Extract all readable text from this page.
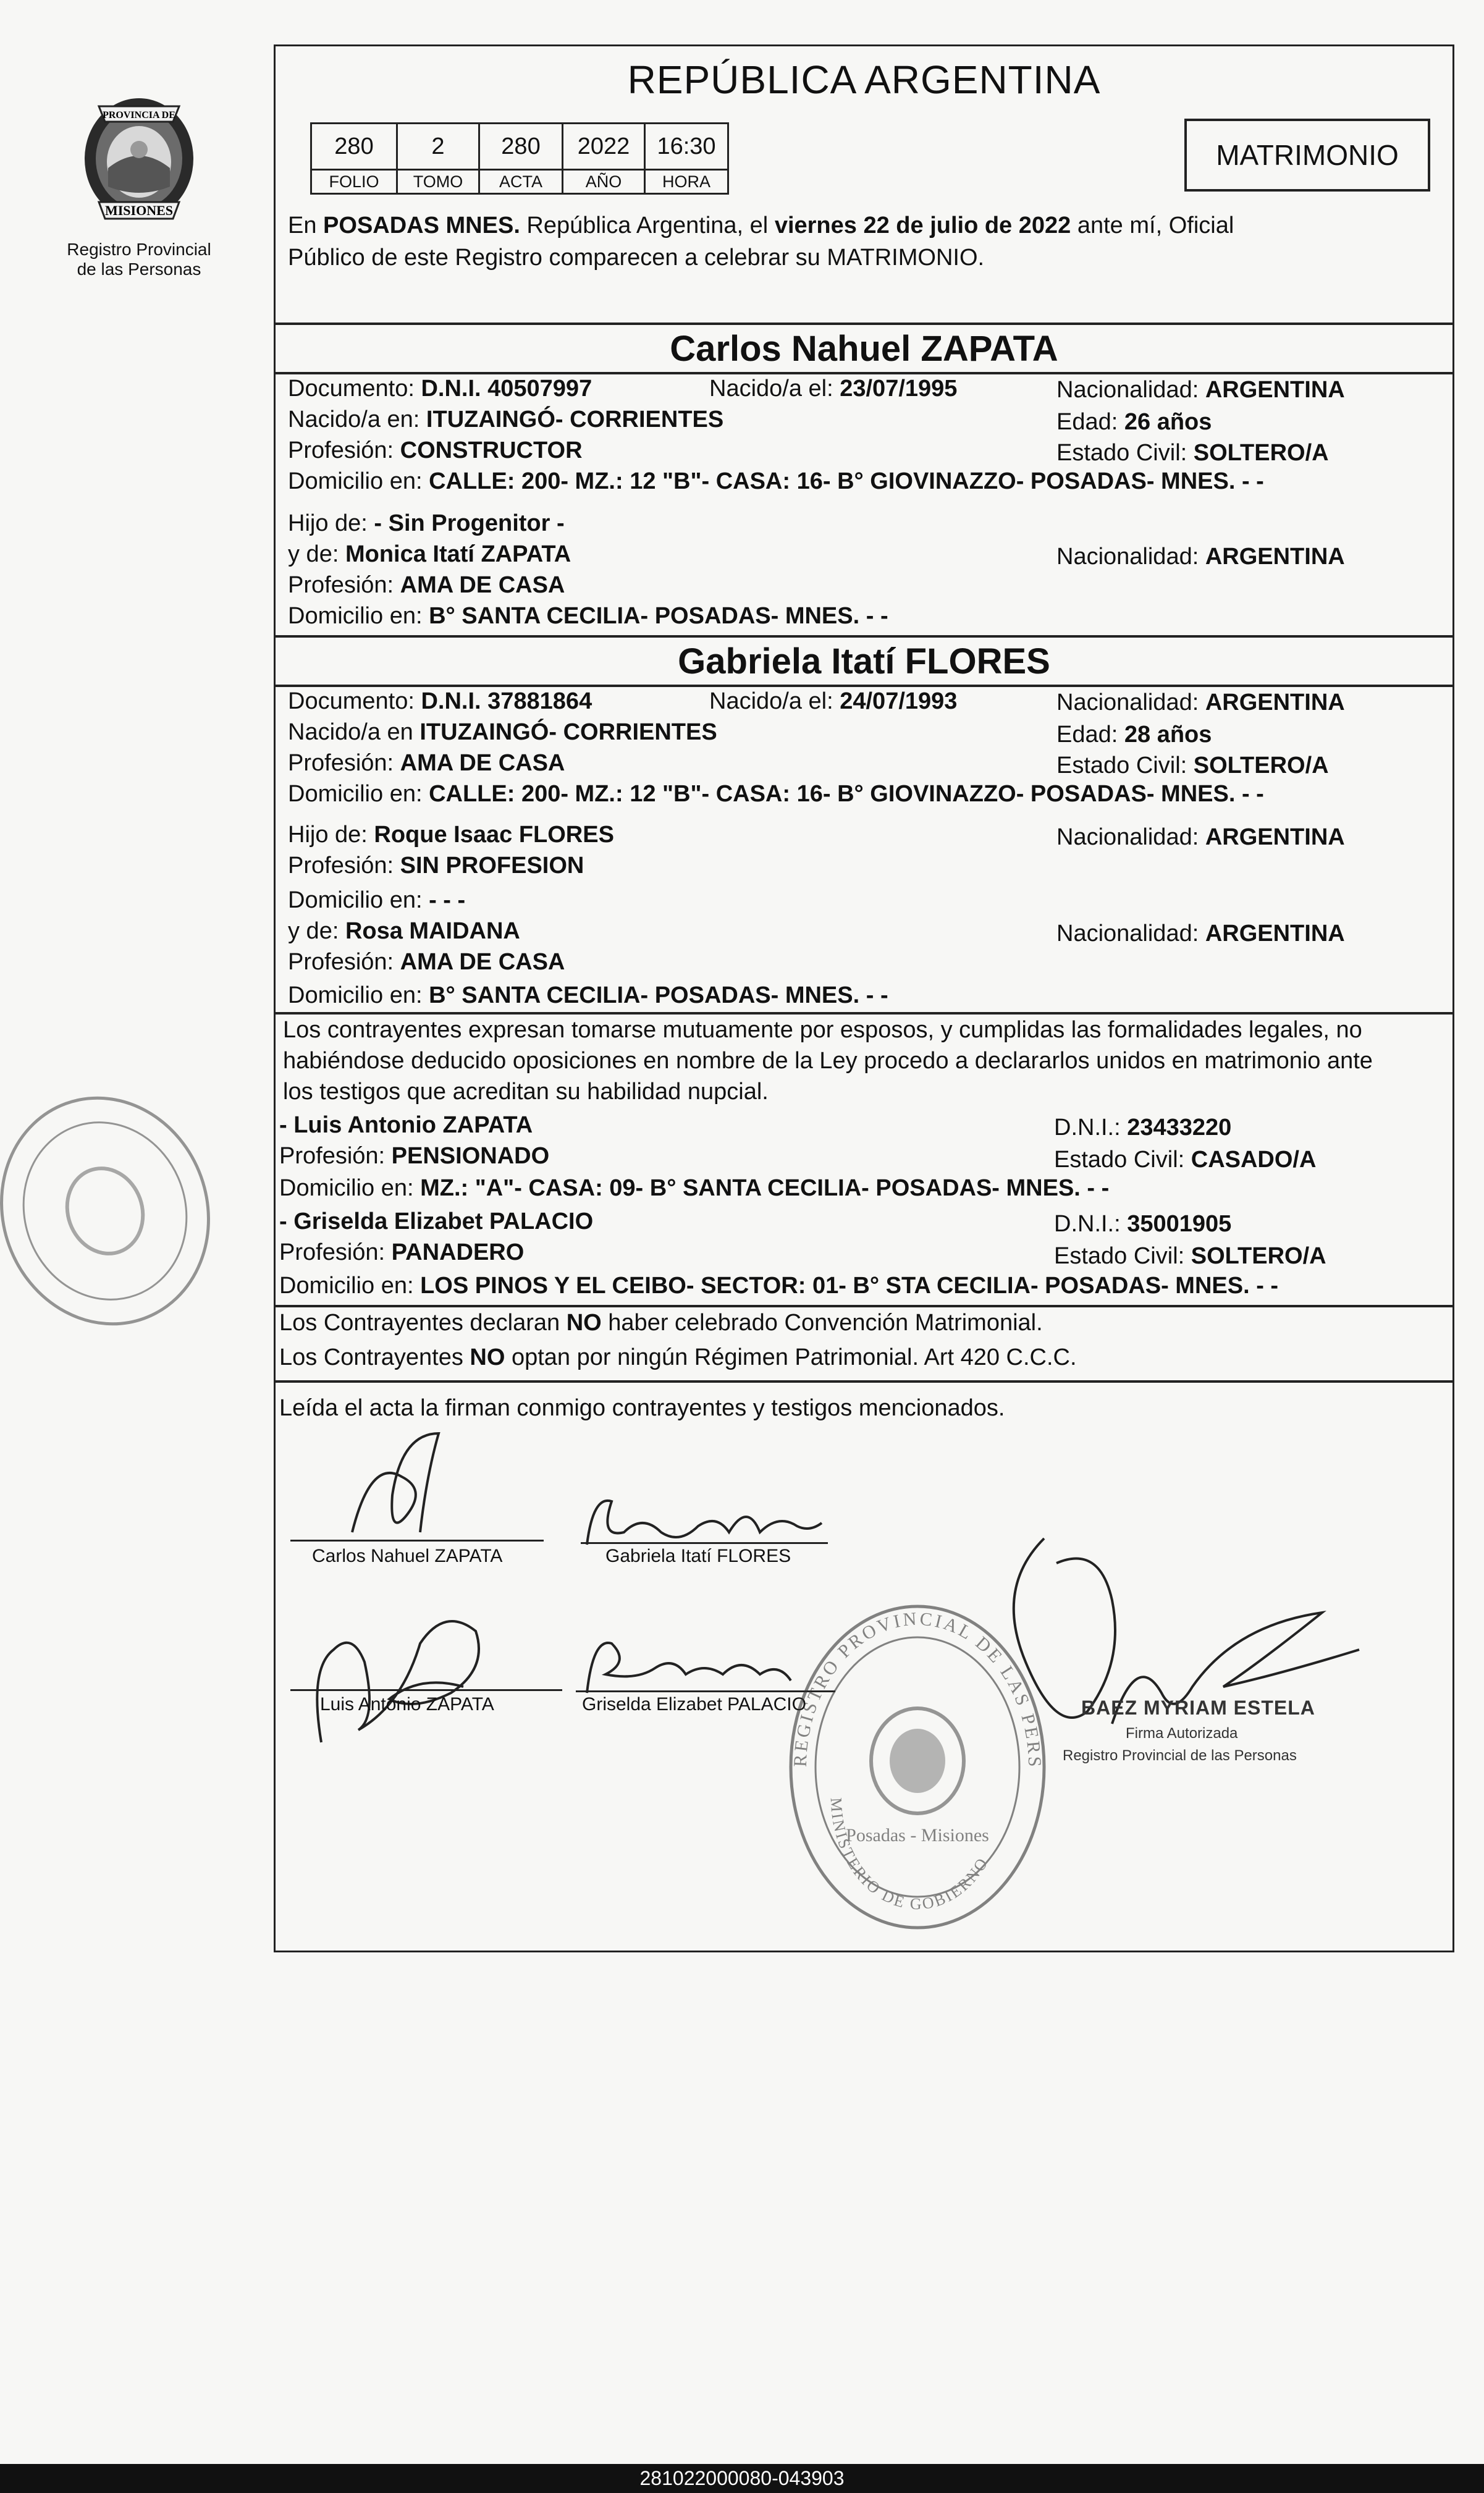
PROVINCIA DE
MISIONES
Registro Provincial
de las Personas
REPÚBLICA ARGENTINA
280	2	280	2022	16:30
FOLIO	TOMO	ACTA	AÑO	HORA
MATRIMONIO
En POSADAS MNES. República Argentina, el viernes 22 de julio de 2022 ante mí, Oficial
Público de este Registro comparecen a celebrar su MATRIMONIO.
Carlos Nahuel ZAPATA
Documento: D.N.I. 40507997	Nacido/a el: 23/07/1995	Nacionalidad: ARGENTINA
Nacido/a en: ITUZAINGÓ- CORRIENTES	Edad: 26 años
Profesión: CONSTRUCTOR	Estado Civil: SOLTERO/A
Domicilio en: CALLE: 200- MZ.: 12 "B"- CASA: 16- B° GIOVINAZZO- POSADAS- MNES. - -
Hijo de: - Sin Progenitor -
y de: Monica Itatí ZAPATA	Nacionalidad: ARGENTINA
Profesión: AMA DE CASA
Domicilio en: B° SANTA CECILIA- POSADAS- MNES. - -
Gabriela Itatí FLORES
Documento: D.N.I. 37881864	Nacido/a el: 24/07/1993	Nacionalidad: ARGENTINA
Nacido/a en ITUZAINGÓ- CORRIENTES	Edad: 28 años
Profesión: AMA DE CASA	Estado Civil: SOLTERO/A
Domicilio en: CALLE: 200- MZ.: 12 "B"- CASA: 16- B° GIOVINAZZO- POSADAS- MNES. - -
Hijo de: Roque Isaac FLORES	Nacionalidad: ARGENTINA
Profesión: SIN PROFESION
Domicilio en: - - -
y de: Rosa MAIDANA	Nacionalidad: ARGENTINA
Profesión: AMA DE CASA
Domicilio en: B° SANTA CECILIA- POSADAS- MNES. - -
Los contrayentes expresan tomarse mutuamente por esposos, y cumplidas las formalidades legales, no
habiéndose deducido oposiciones en nombre de la Ley procedo a declararlos unidos en matrimonio ante
los testigos que acreditan su habilidad nupcial.
- Luis Antonio ZAPATA	D.N.I.: 23433220
Profesión: PENSIONADO	Estado Civil: CASADO/A
Domicilio en: MZ.: "A"- CASA: 09- B° SANTA CECILIA- POSADAS- MNES. - -
- Griselda Elizabet PALACIO	D.N.I.: 35001905
Profesión: PANADERO	Estado Civil: SOLTERO/A
Domicilio en: LOS PINOS Y EL CEIBO- SECTOR: 01- B° STA CECILIA- POSADAS- MNES. - -
Los Contrayentes declaran NO haber celebrado Convención Matrimonial.
Los Contrayentes NO optan por ningún Régimen Patrimonial. Art 420 C.C.C.
Leída el acta la firman conmigo contrayentes y testigos mencionados.
Carlos Nahuel ZAPATA	Gabriela Itatí FLORES
Luis Antonio ZAPATA	Griselda Elizabet PALACIO	BAEZ MYRIAM ESTELA
Firma Autorizada
Registro Provincial de las Personas
REGISTRO PROVINCIAL DE LAS PERS
Posadas - Misiones
MINISTERIO DE GOBIERNO
281022000080-043903
